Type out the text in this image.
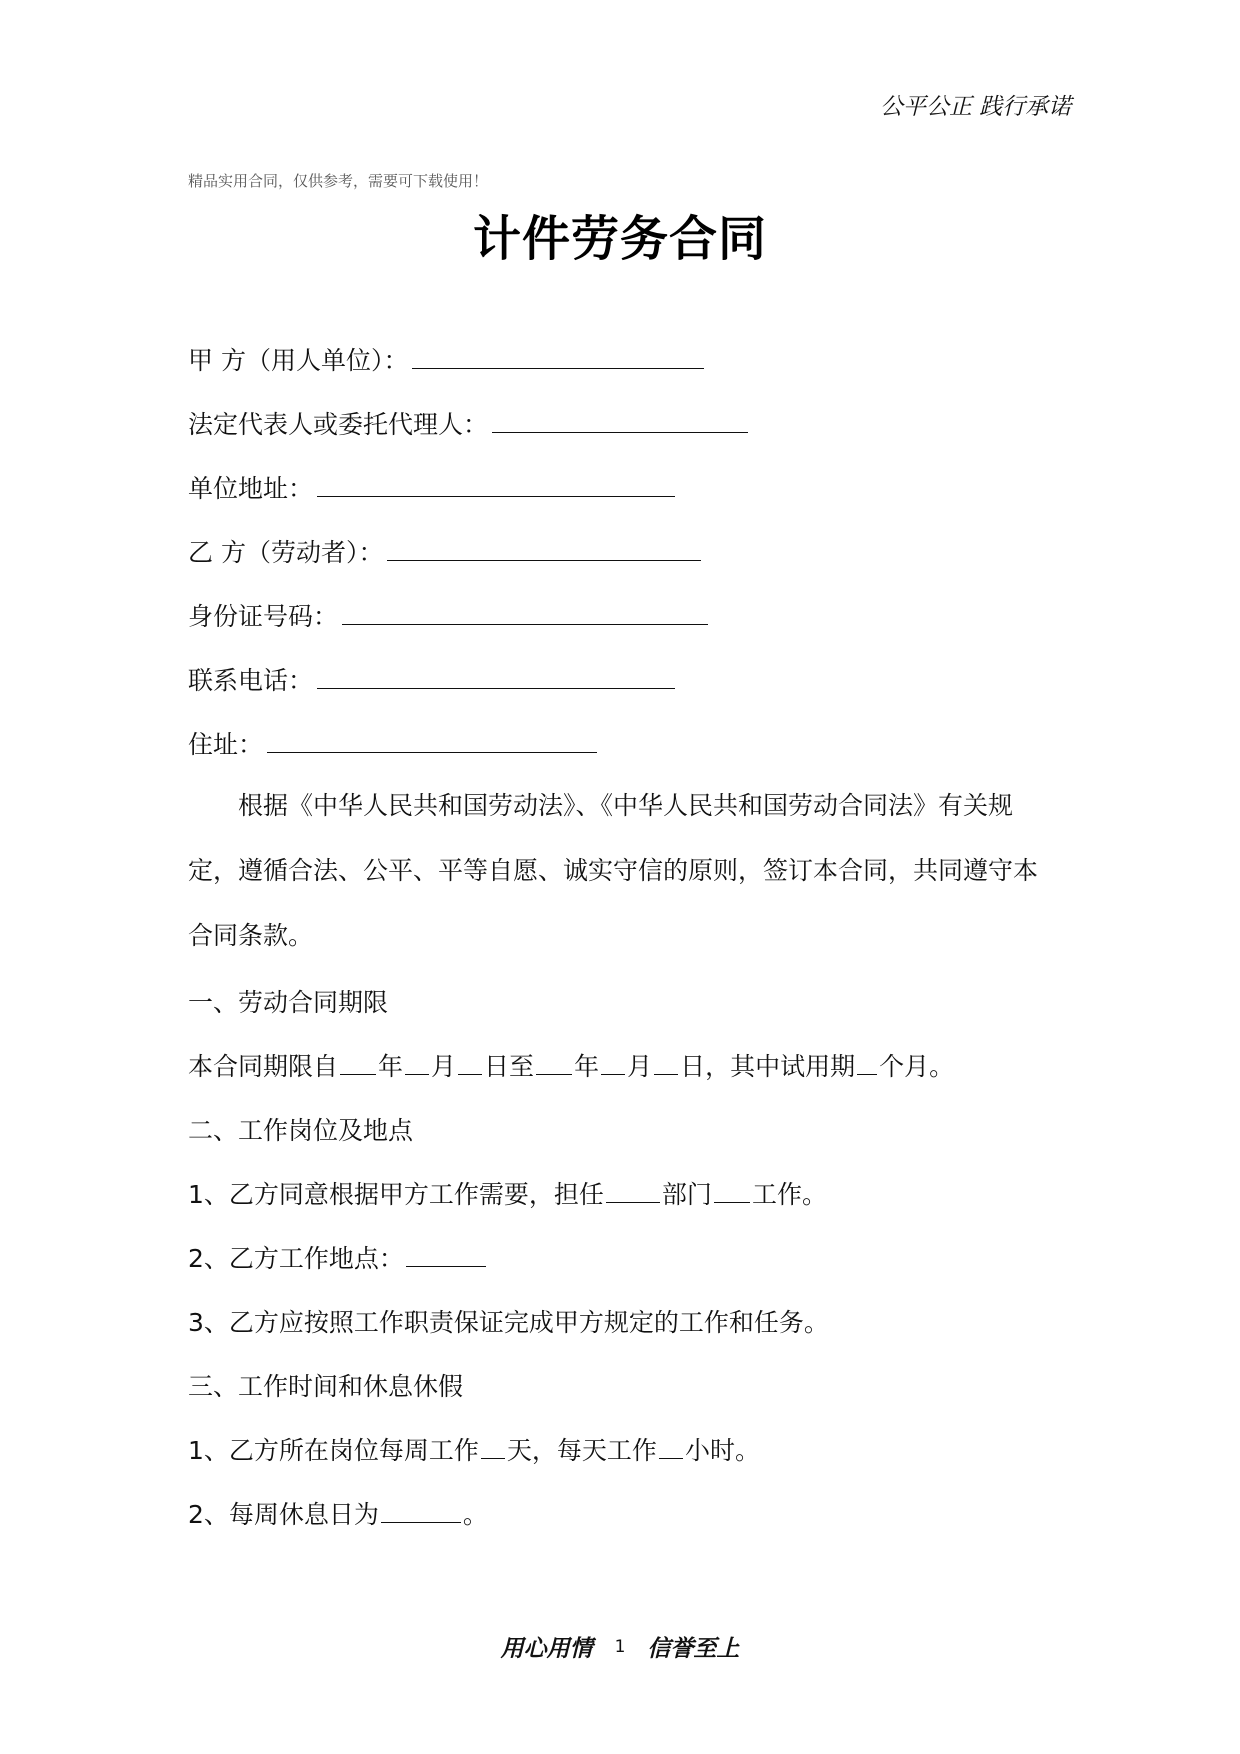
公平公正 践行承诺
精品实用合同，仅供参考，需要可下载使用！
计件劳务合同
甲 方（用人单位）：
法定代表人或委托代理人：
单位地址：
乙 方（劳动者）：
身份证号码：
联系电话：
住址：
根据《中华人民共和国劳动法》、《中华人民共和国劳动合同法》有关规定，遵循合法、公平、平等自愿、诚实守信的原则，签订本合同，共同遵守本合同条款。
一、劳动合同期限
本合同期限自 年 月 日至 年 月 日，其中试用期 个月。
二、工作岗位及地点
1、乙方同意根据甲方工作需要，担任 部门 工作。
2、乙方工作地点：
3、乙方应按照工作职责保证完成甲方规定的工作和任务。
三、工作时间和休息休假
1、乙方所在岗位每周工作 天，每天工作 小时。
2、每周休息日为	。
用心用情 1 信誉至上
